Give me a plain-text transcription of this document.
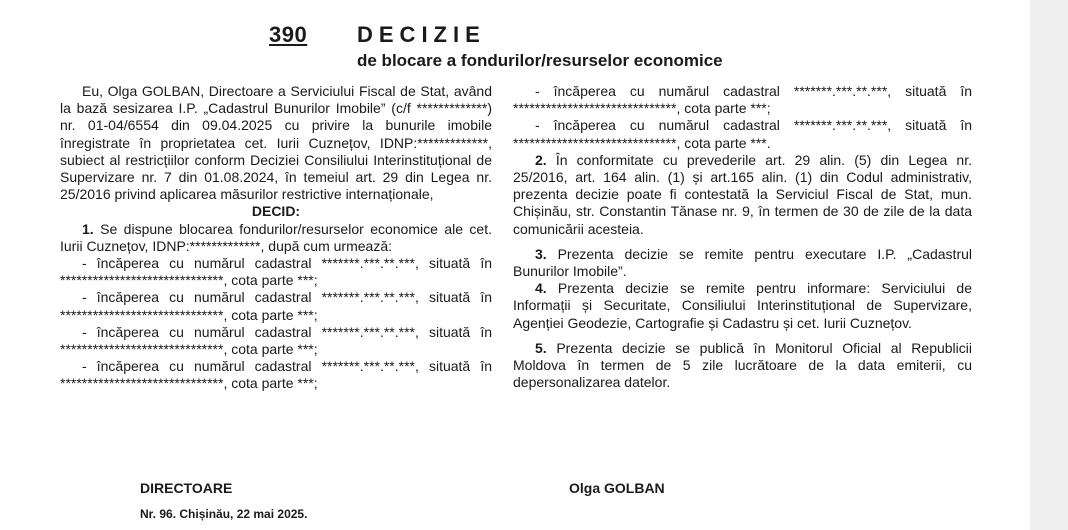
390 DECIZIE
de blocare a fondurilor/resurselor economice

Eu, Olga GOLBAN, Directoare a Serviciului Fiscal de Stat, având la bază sesizarea I.P. „Cadastrul Bunurilor Imobile” (c/f *************) nr. 01-04/6554 din 09.04.2025 cu privire la bunurile imobile înregistrate în proprietatea cet. Iurii Cuznețov, IDNP:*************, subiect al restricțiilor conform Deciziei Consiliului Interinstituțional de Supervizare nr. 7 din 01.08.2024, în temeiul art. 29 din Legea nr. 25/2016 privind aplicarea măsurilor restrictive internaționale,

DECID:

1. Se dispune blocarea fondurilor/resurselor economice ale cet. Iurii Cuznețov, IDNP:*************, după cum urmează:

- încăperea cu numărul cadastral *******.***.**.***, situată în ******************************, cota parte ***;

- încăperea cu numărul cadastral *******.***.**.***, situată în ******************************, cota parte ***;

- încăperea cu numărul cadastral *******.***.**.***, situată în ******************************, cota parte ***;

- încăperea cu numărul cadastral *******.***.**.***, situată în ******************************, cota parte ***;

- încăperea cu numărul cadastral *******.***.**.***, situată în ******************************, cota parte ***;

- încăperea cu numărul cadastral *******.***.**.***, situată în ******************************, cota parte ***.

2. În conformitate cu prevederile art. 29 alin. (5) din Legea nr. 25/2016, art. 164 alin. (1) și art.165 alin. (1) din Codul administrativ, prezenta decizie poate fi contestată la Serviciul Fiscal de Stat, mun. Chișinău, str. Constantin Tănase nr. 9, în termen de 30 de zile de la data comunicării acesteia.

3. Prezenta decizie se remite pentru executare I.P. „Cadastrul Bunurilor Imobile”.

4. Prezenta decizie se remite pentru informare: Serviciului de Informații și Securitate, Consiliului Interinstituțional de Supervizare, Agenției Geodezie, Cartografie și Cadastru și cet. Iurii Cuznețov.

5. Prezenta decizie se publică în Monitorul Oficial al Republicii Moldova în termen de 5 zile lucrătoare de la data emiterii, cu depersonalizarea datelor.

DIRECTOARE	Olga GOLBAN
Nr. 96. Chișinău, 22 mai 2025.
